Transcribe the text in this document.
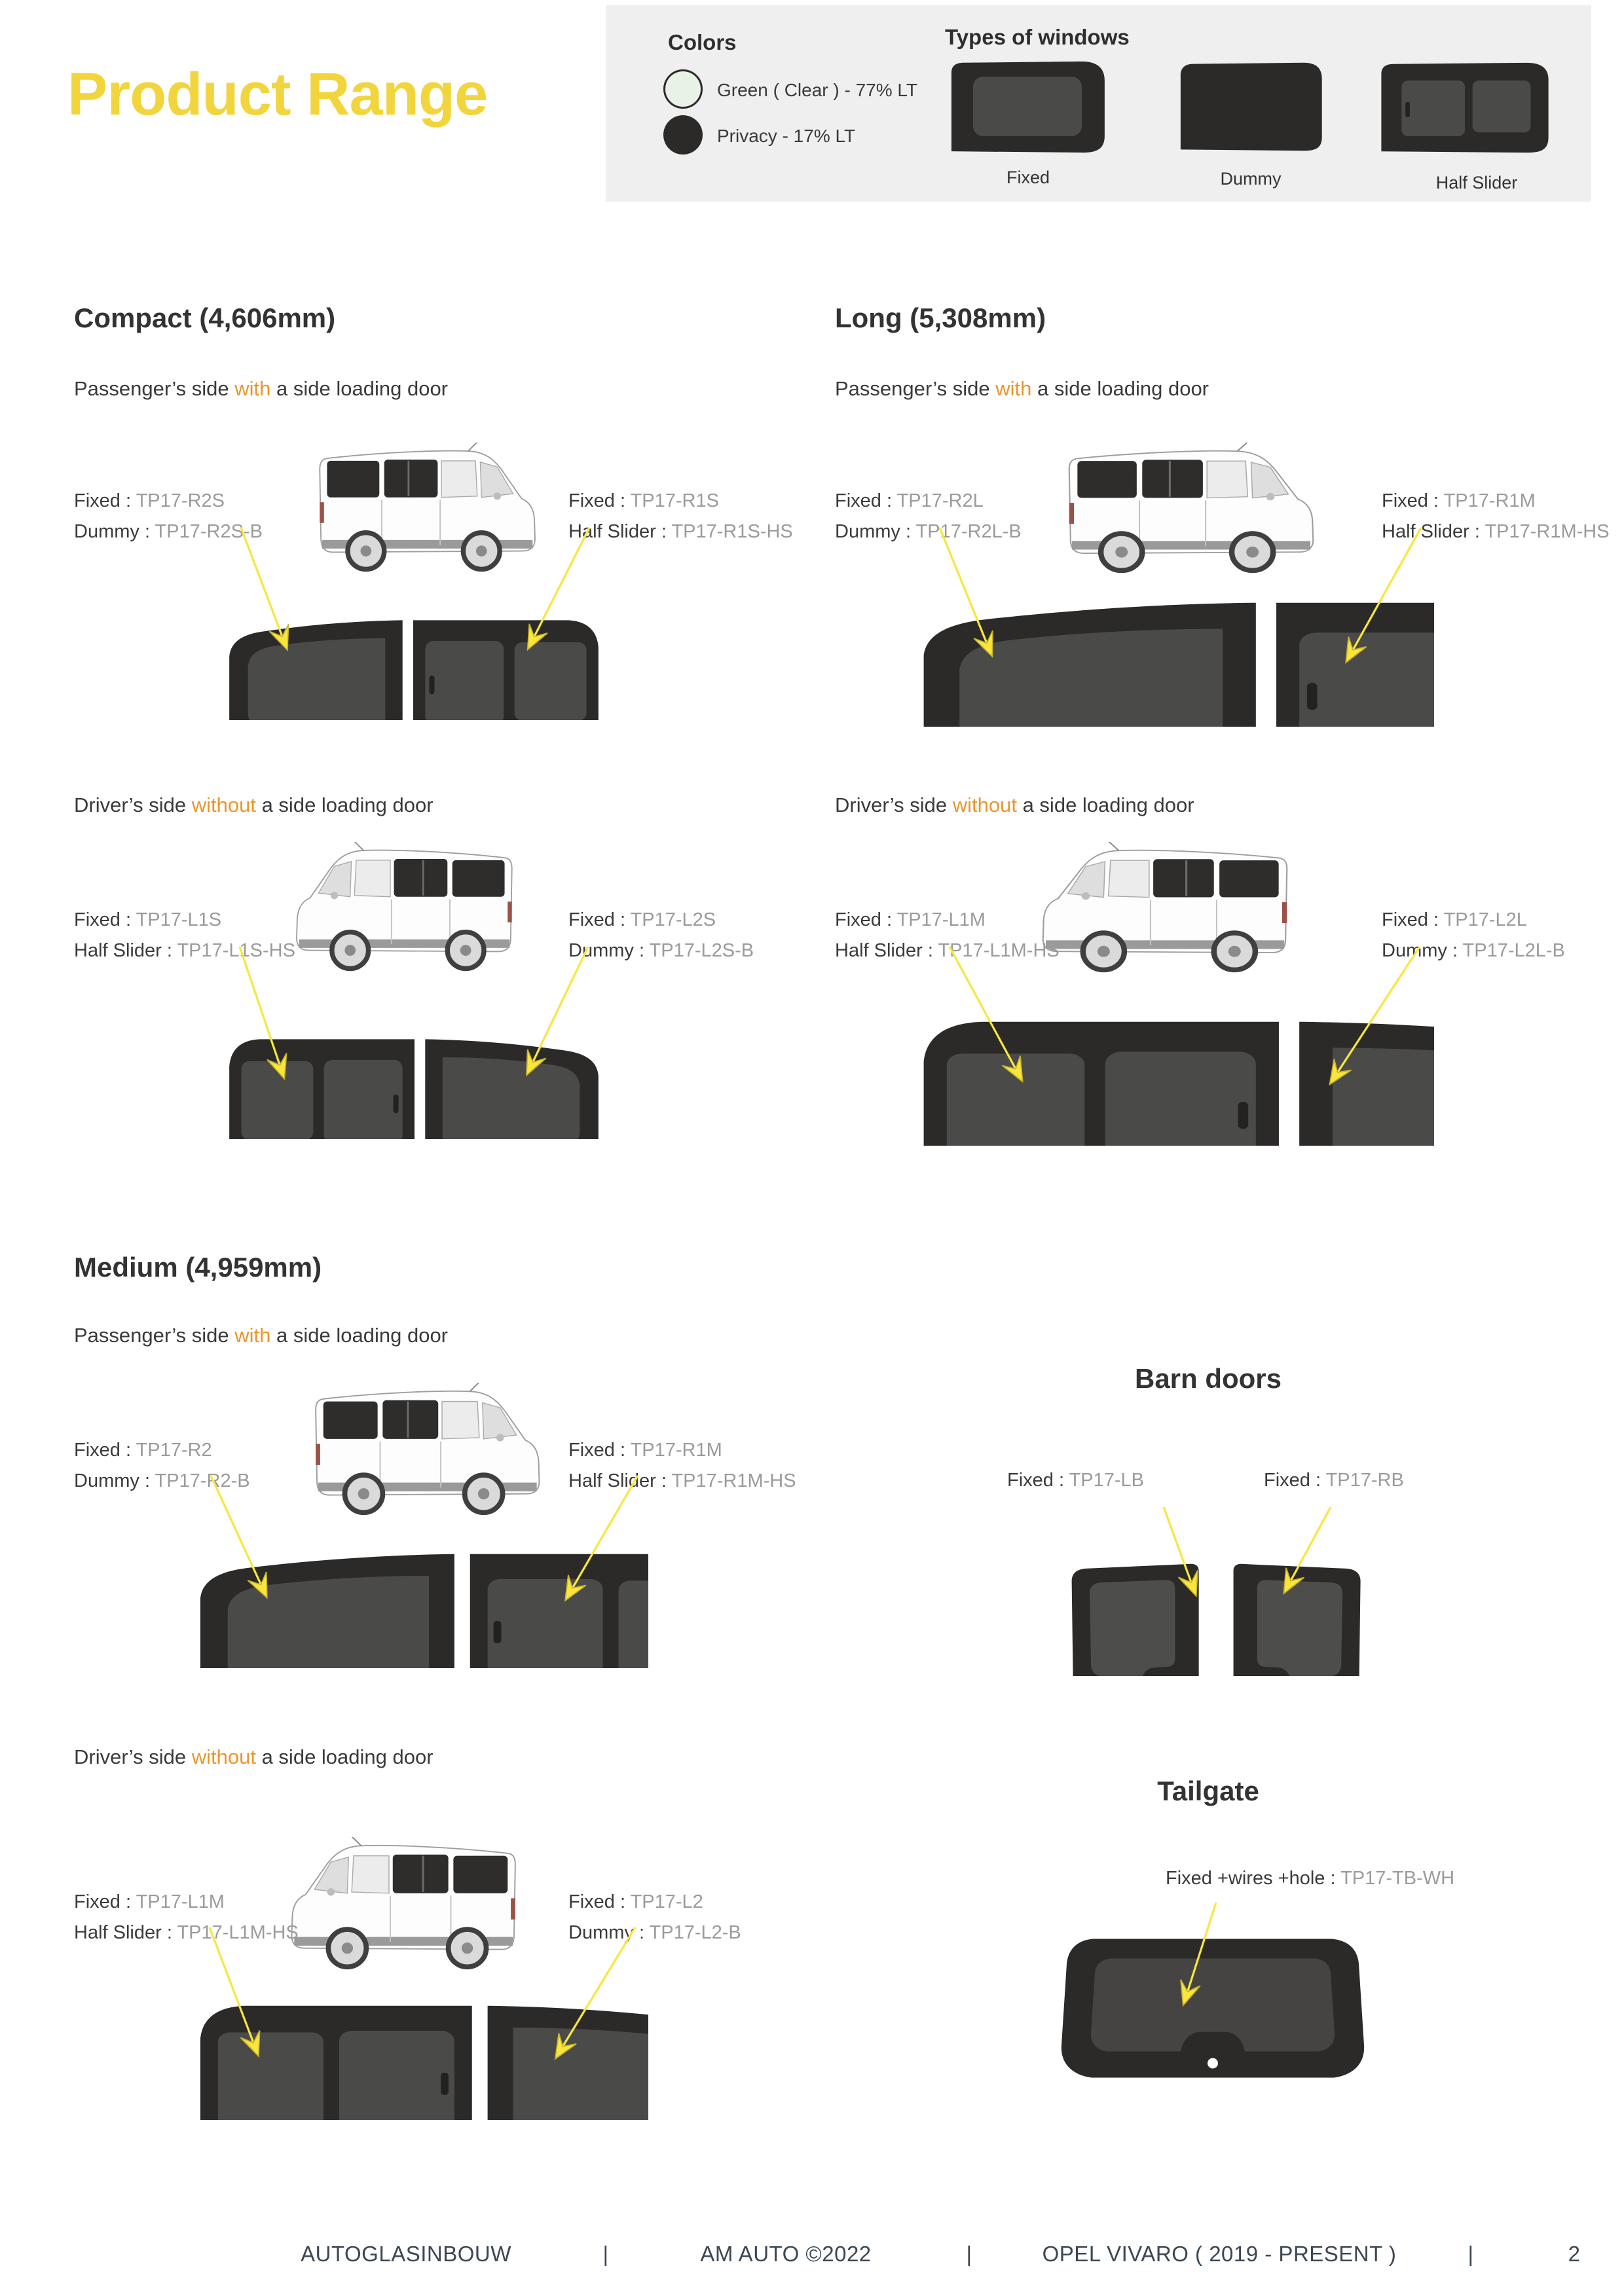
Product Range
Colors
Green ( Clear ) - 77% LT
Privacy - 17% LT
Types of windows
Fixed	Dummy	Half Slider
Compact (4,606mm)
Passenger’s side with a side loading door
Fixed : TP17-R2S
Dummy : TP17-R2S-B
Fixed : TP17-R1S
Half Slider : TP17-R1S-HS
Driver’s side without a side loading door
Fixed : TP17-L1S
Half Slider : TP17-L1S-HS
Fixed : TP17-L2S
Dummy : TP17-L2S-B
Long (5,308mm)
Passenger’s side with a side loading door
Fixed : TP17-R2L
Dummy : TP17-R2L-B
Fixed : TP17-R1M
Half Slider : TP17-R1M-HS
Driver’s side without a side loading door
Fixed : TP17-L1M
Half Slider : TP17-L1M-HS
Fixed : TP17-L2L
Dummy : TP17-L2L-B
Medium (4,959mm)
Passenger’s side with a side loading door
Fixed : TP17-R2
Dummy : TP17-R2-B
Fixed : TP17-R1M
Half Slider : TP17-R1M-HS
Driver’s side without a side loading door
Fixed : TP17-L1M
Half Slider : TP17-L1M-HS
Fixed : TP17-L2
Dummy : TP17-L2-B
Barn doors
Fixed : TP17-LB	Fixed : TP17-RB
Tailgate
Fixed +wires +hole : TP17-TB-WH
AUTOGLASINBOUW	|	AM AUTO ©2022	|	OPEL VIVARO ( 2019 - PRESENT )	|	2
